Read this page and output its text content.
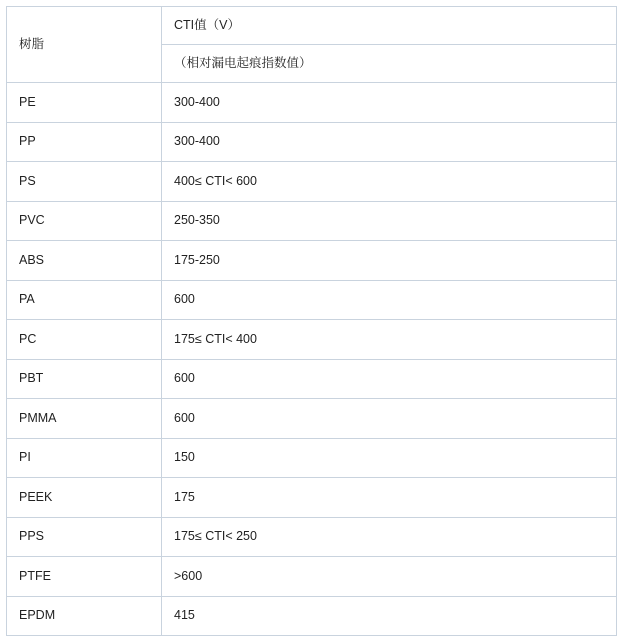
树脂	CTI值（V）
	（相对漏电起痕指数值）
PE	300-400
PP	300-400
PS	400≤ CTI< 600
PVC	250-350
ABS	175-250
PA	600
PC	175≤ CTI< 400
PBT	600
PMMA	600
PI	150
PEEK	175
PPS	175≤ CTI< 250
PTFE	>600
EPDM	415
